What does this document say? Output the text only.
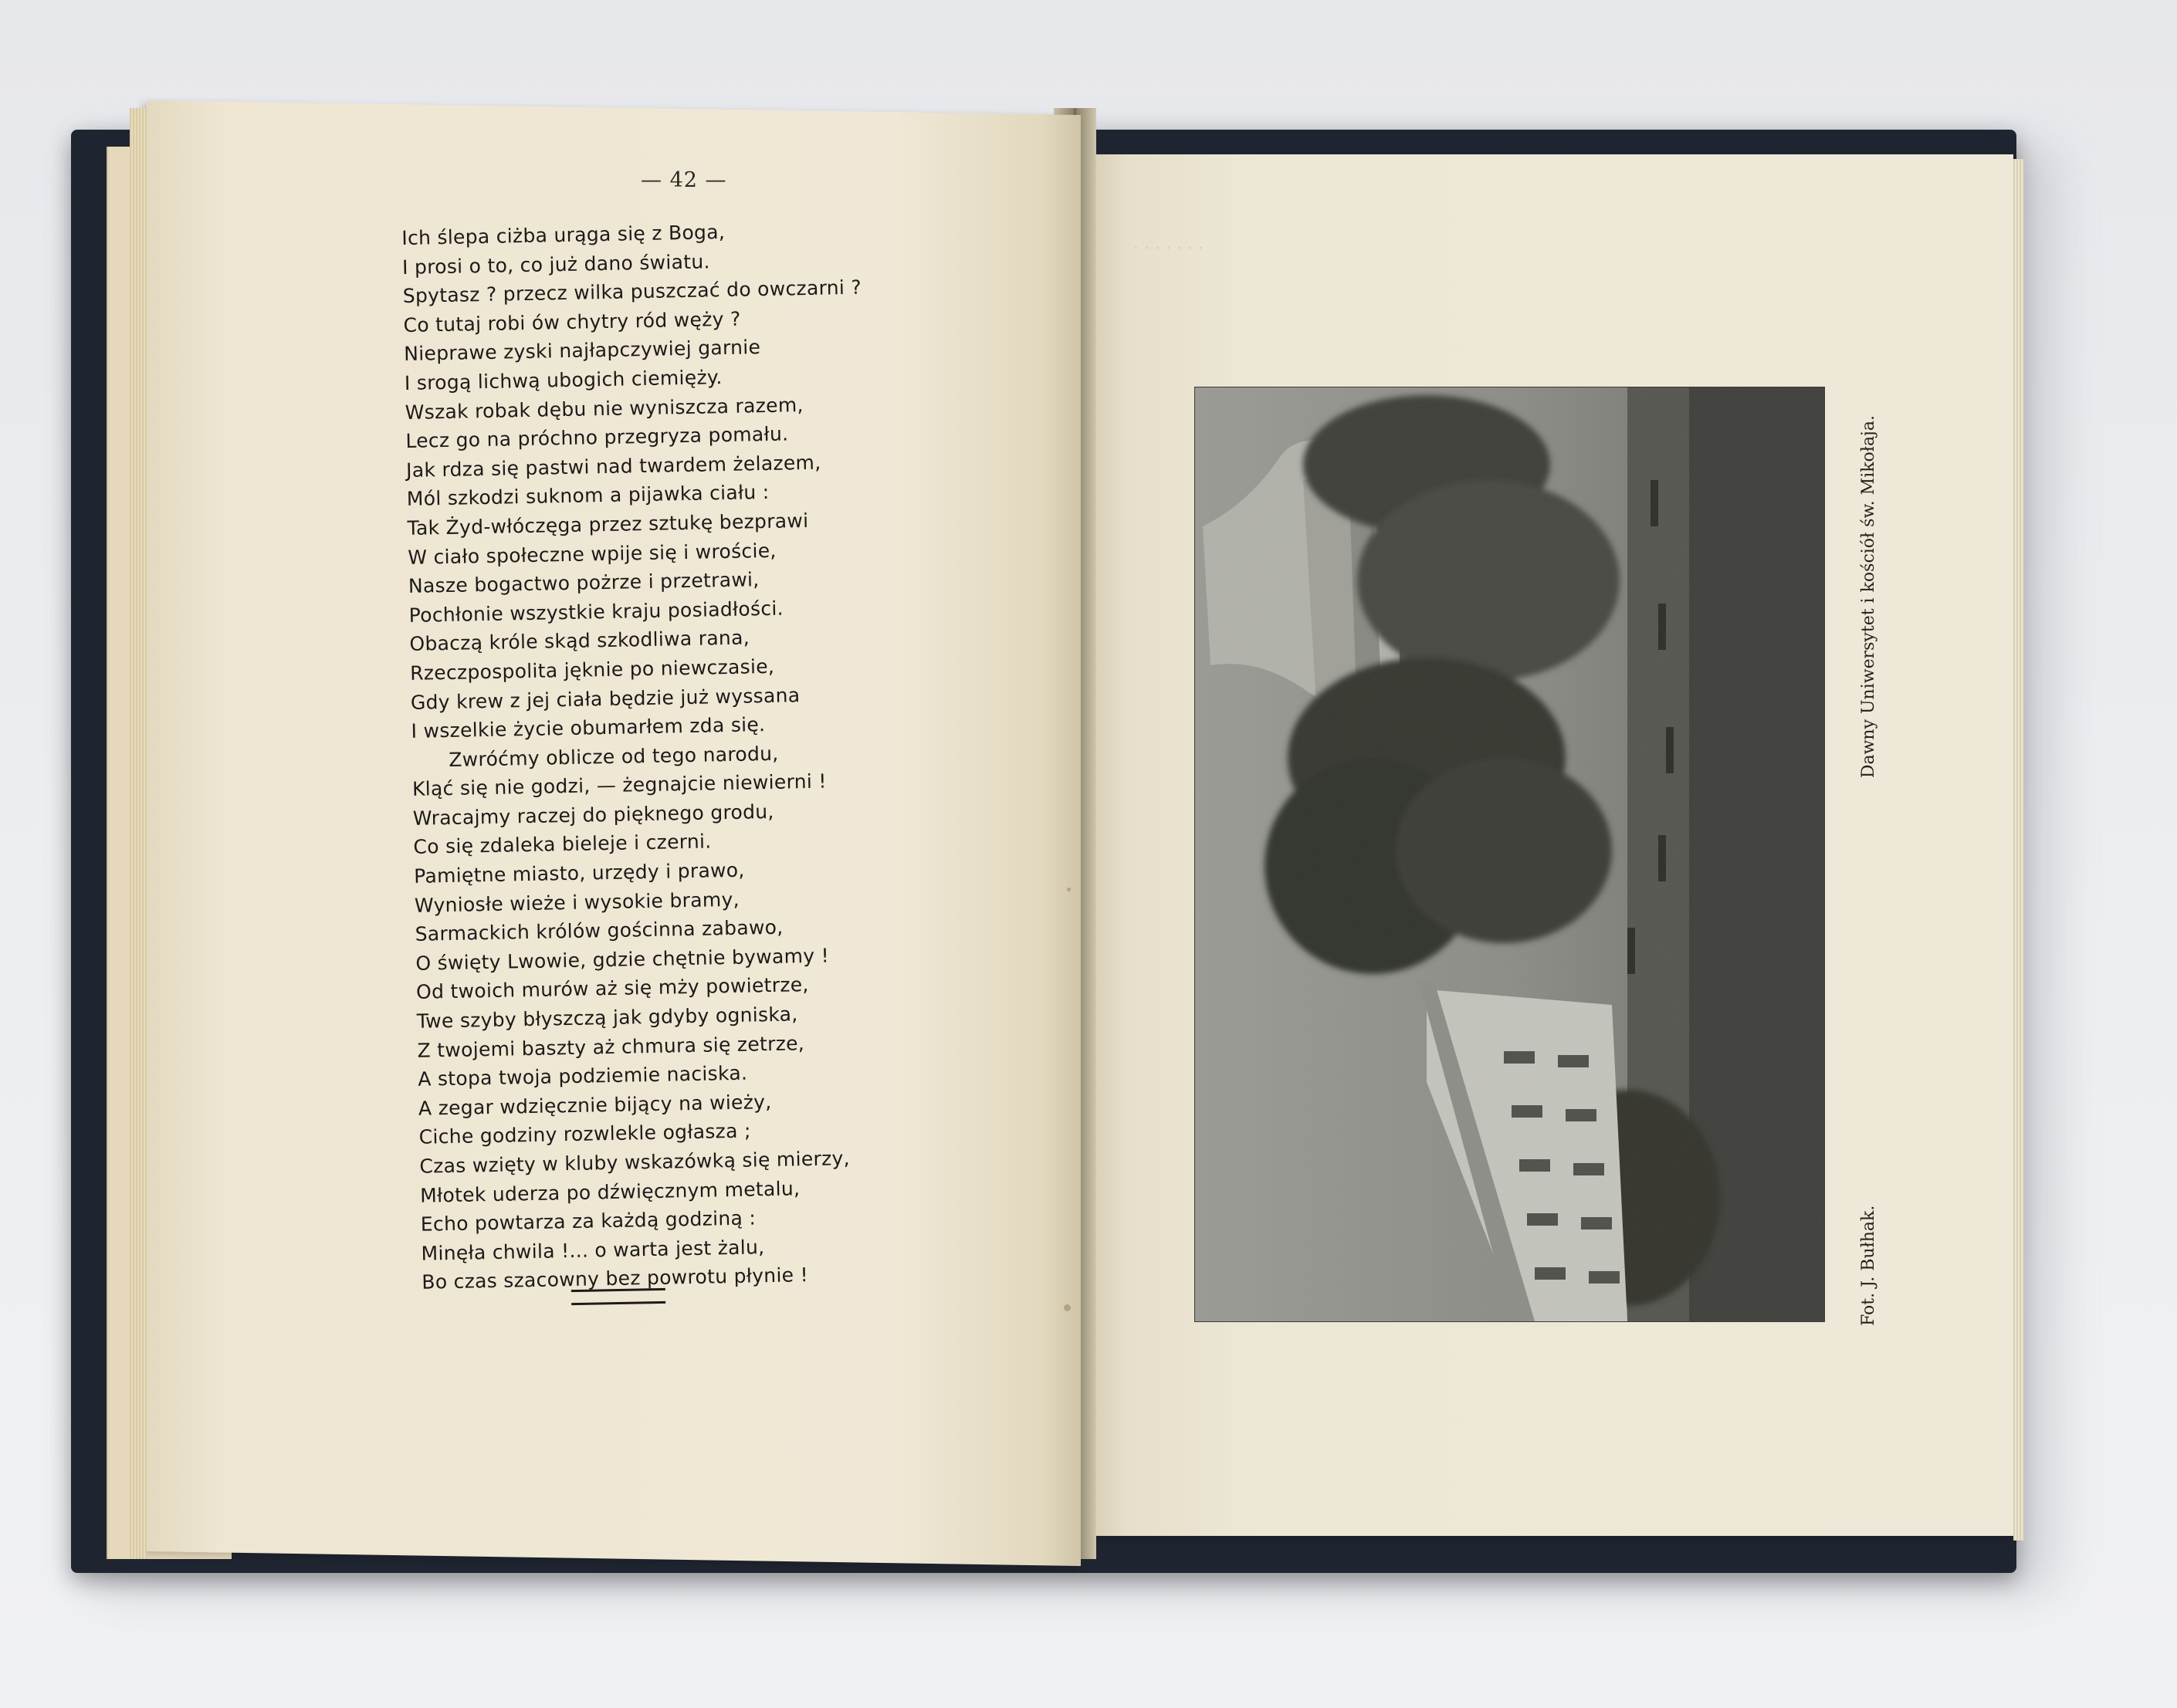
· · · · · · ·
— 42 —
Ich ślepa ciżba urąga się z Boga,
I prosi o to, co już dano światu.
Spytasz ? przecz wilka puszczać do owczarni ?
Co tutaj robi ów chytry ród węży ?
Nieprawe zyski najłapczywiej garnie
I srogą lichwą ubogich ciemięży.
Wszak robak dębu nie wyniszcza razem,
Lecz go na próchno przegryza pomału.
Jak rdza się pastwi nad twardem żelazem,
Mól szkodzi suknom a pijawka ciału :
Tak Żyd-włóczęga przez sztukę bezprawi
W ciało społeczne wpije się i wroście,
Nasze bogactwo pożrze i przetrawi,
Pochłonie wszystkie kraju posiadłości.
Obaczą króle skąd szkodliwa rana,
Rzeczpospolita jęknie po niewczasie,
Gdy krew z jej ciała będzie już wyssana
I wszelkie życie obumarłem zda się.
Zwróćmy oblicze od tego narodu,
Kląć się nie godzi, — żegnajcie niewierni !
Wracajmy raczej do pięknego grodu,
Co się zdaleka bieleje i czerni.
Pamiętne miasto, urzędy i prawo,
Wyniosłe wieże i wysokie bramy,
Sarmackich królów gościnna zabawo,
O święty Lwowie, gdzie chętnie bywamy !
Od twoich murów aż się mży powietrze,
Twe szyby błyszczą jak gdyby ogniska,
Z twojemi baszty aż chmura się zetrze,
A stopa twoja podziemie naciska.
A zegar wdzięcznie bijący na wieży,
Ciche godziny rozwlekle ogłasza ;
Czas wzięty w kluby wskazówką się mierzy,
Młotek uderza po dźwięcznym metalu,
Echo powtarza za każdą godziną :
Minęła chwila !... o warta jest żalu,
Bo czas szacowny bez powrotu płynie !	Fot. J. Bułhak.
Dawny Uniwersytet i kościół św. Mikołaja.
